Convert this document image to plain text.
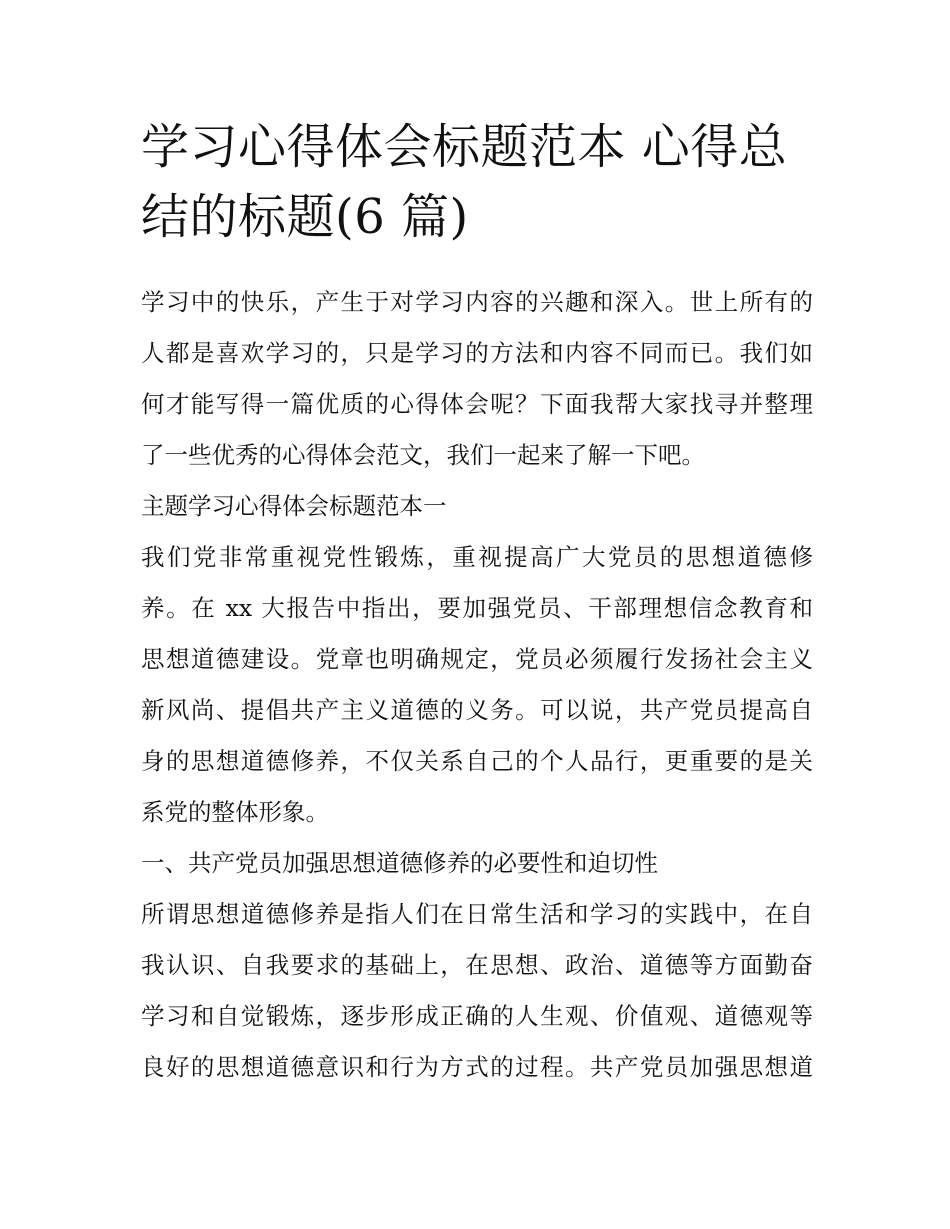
学习心得体会标题范本 心得总
结的标题(6 篇)

学习中的快乐，产生于对学习内容的兴趣和深入。世上所有的
人都是喜欢学习的，只是学习的方法和内容不同而已。我们如
何才能写得一篇优质的心得体会呢？下面我帮大家找寻并整理
了一些优秀的心得体会范文，我们一起来了解一下吧。

主题学习心得体会标题范本一

我们党非常重视党性锻炼，重视提高广大党员的思想道德修
养。在 xx 大报告中指出，要加强党员、干部理想信念教育和
思想道德建设。党章也明确规定，党员必须履行发扬社会主义
新风尚、提倡共产主义道德的义务。可以说，共产党员提高自
身的思想道德修养，不仅关系自己的个人品行，更重要的是关
系党的整体形象。

一、共产党员加强思想道德修养的必要性和迫切性

所谓思想道德修养是指人们在日常生活和学习的实践中，在自
我认识、自我要求的基础上，在思想、政治、道德等方面勤奋
学习和自觉锻炼，逐步形成正确的人生观、价值观、道德观等
良好的思想道德意识和行为方式的过程。共产党员加强思想道
